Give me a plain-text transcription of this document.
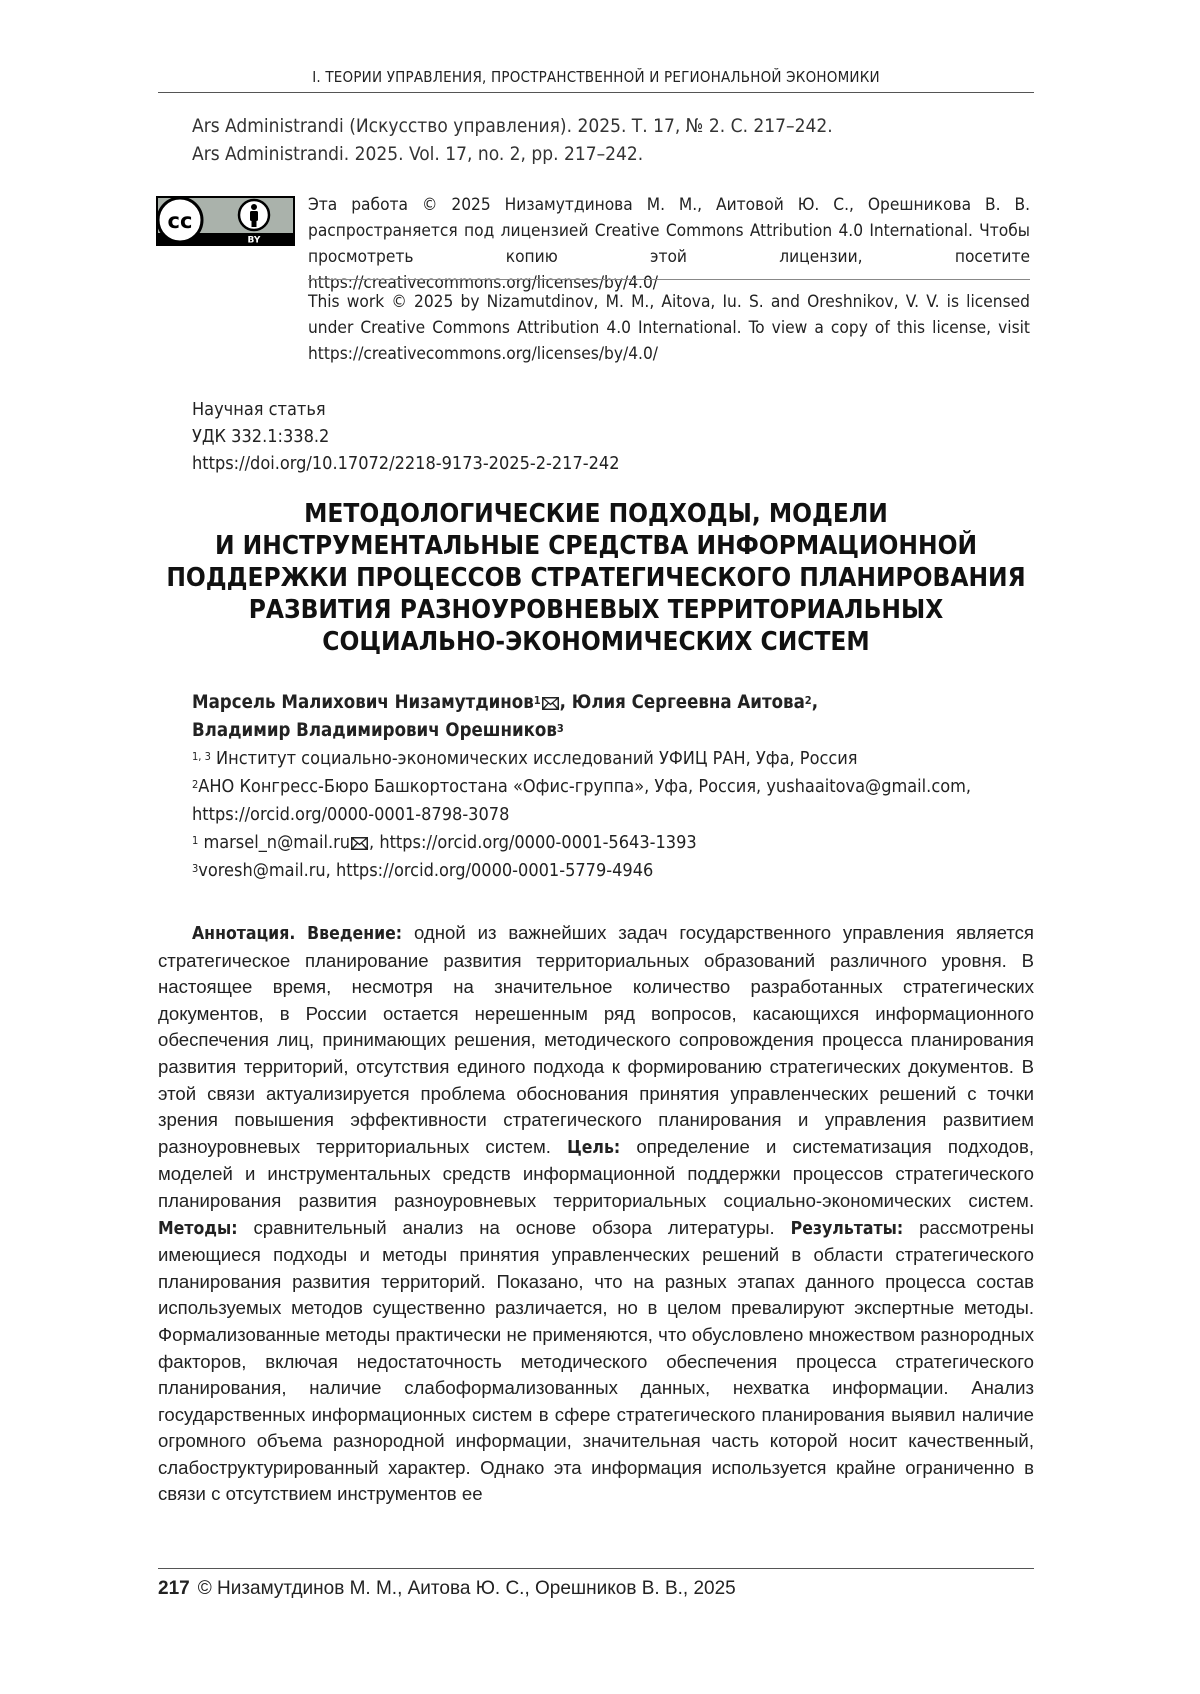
I. ТЕОРИИ УПРАВЛЕНИЯ, ПРОСТРАНСТВЕННОЙ И РЕГИОНАЛЬНОЙ ЭКОНОМИКИ
Ars Administrandi (Искусство управления). 2025. Т. 17, № 2. С. 217–242.
Ars Administrandi. 2025. Vol. 17, no. 2, pp. 217–242.
cc
BY
Эта работа © 2025 Низамутдинова М. М., Аитовой Ю. С., Орешникова В. В. распространяется под лицензией Creative Commons Attribution 4.0 International. Чтобы просмотреть копию этой лицензии, посетите https://creativecommons.org/licenses/by/4.0/
This work © 2025 by Nizamutdinov, M. M., Aitova, Iu. S. and Oreshnikov, V. V. is licensed under Creative Commons Attribution 4.0 International. To view a copy of this license, visit https://creativecommons.org/licenses/by/4.0/
Научная статья
УДК 332.1:338.2
https://doi.org/10.17072/2218-9173-2025-2-217-242
МЕТОДОЛОГИЧЕСКИЕ ПОДХОДЫ, МОДЕЛИ
И ИНСТРУМЕНТАЛЬНЫЕ СРЕДСТВА ИНФОРМАЦИОННОЙ
ПОДДЕРЖКИ ПРОЦЕССОВ СТРАТЕГИЧЕСКОГО ПЛАНИРОВАНИЯ
РАЗВИТИЯ РАЗНОУРОВНЕВЫХ ТЕРРИТОРИАЛЬНЫХ
СОЦИАЛЬНО-ЭКОНОМИЧЕСКИХ СИСТЕМ
Марсель Малихович Низамутдинов$^1$ , Юлия Сергеевна Аитова$^2$,
Владимир Владимирович Орешников$^3$
$^{1, 3}$ Институт социально-экономических исследований УФИЦ РАН, Уфа, Россия
$^2$АНО Конгресс-Бюро Башкортостана «Офис-группа», Уфа, Россия, yushaaitova@gmail.com, https://orcid.org/0000-0001-8798-3078
$^1$ marsel_n@mail.ru , https://orcid.org/0000-0001-5643-1393
$^3$voresh@mail.ru, https://orcid.org/0000-0001-5779-4946
Аннотация. Введение: одной из важнейших задач государственного управления является стратегическое планирование развития территориальных образований различного уровня. В настоящее время, несмотря на значительное количество разработанных стратегических документов, в России остается нерешенным ряд вопросов, касающихся информационного обеспечения лиц, принимающих решения, методического сопровождения процесса планирования развития территорий, отсутствия единого подхода к формированию стратегических документов. В этой связи актуализируется проблема обоснования принятия управленческих решений с точки зрения повышения эффективности стратегического планирования и управления развитием разноуровневых территориальных систем. Цель: определение и систематизация подходов, моделей и инструментальных средств информационной поддержки процессов стратегического планирования развития разноуровневых территориальных социально-экономических систем. Методы: сравнительный анализ на основе обзора литературы. Результаты: рассмотрены имеющиеся подходы и методы принятия управленческих решений в области стратегического планирования развития территорий. Показано, что на разных этапах данного процесса состав используемых методов существенно различается, но в целом превалируют экспертные методы. Формализованные методы практически не применяются, что обусловлено множеством разнородных факторов, включая недостаточность методического обеспечения процесса стратегического планирования, наличие слабоформализованных данных, нехватка информации. Анализ государственных информационных систем в сфере стратегического планирования выявил наличие огромного объема разнородной информации, значительная часть которой носит качественный, слабоструктурированный характер. Однако эта информация используется крайне ограниченно в связи с отсутствием инструментов ее
217 © Низамутдинов М. М., Аитова Ю. С., Орешников В. В., 2025
